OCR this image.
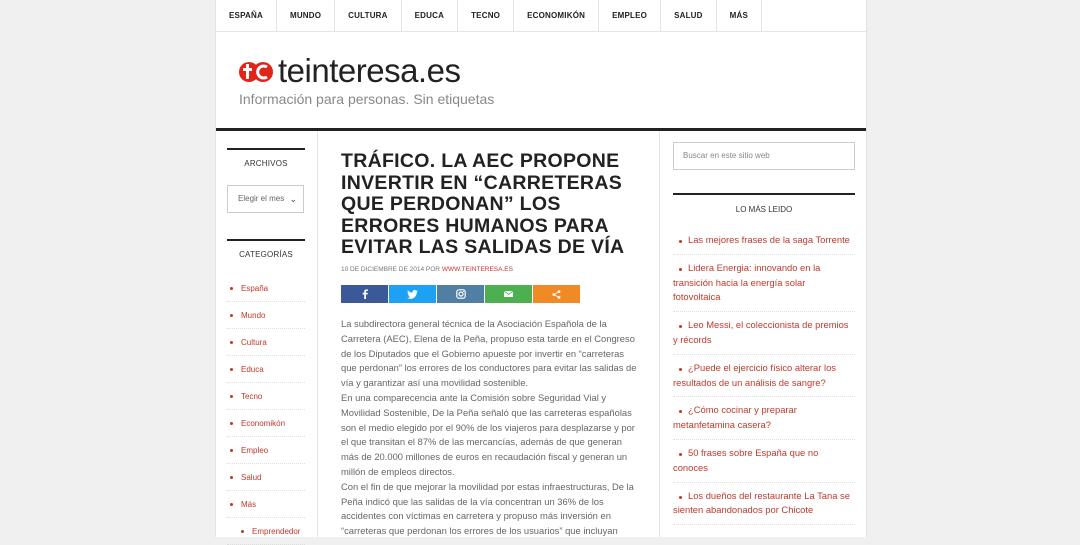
ESPAÑA	MUNDO	CULTURA	EDUCA	TECNO	ECONOMIKÓN	EMPLEO	SALUD	MÁS
teinteresa.es
Información para personas. Sin etiquetas
ARCHIVOS
Elegir el mes ⌄
CATEGORÍAS
España
Mundo
Cultura
Educa
Tecno
Economikón
Empleo
Salud
Más
Emprendedor
TRÁFICO. LA AEC PROPONE INVERTIR EN “CARRETERAS QUE PERDONAN” LOS ERRORES HUMANOS PARA EVITAR LAS SALIDAS DE VÍA
10 DE DICIEMBRE DE 2014 POR WWW.TEINTERESA.ES

La subdirectora general técnica de la Asociación Española de la Carretera (AEC), Elena de la Peña, propuso esta tarde en el Congreso de los Diputados que el Gobierno apueste por invertir en “carreteras que perdonan” los errores de los conductores para evitar las salidas de vía y garantizar así una movilidad sostenible.

En una comparecencia ante la Comisión sobre Seguridad Vial y Movilidad Sostenible, De la Peña señaló que las carreteras españolas son el medio elegido por el 90% de los viajeros para desplazarse y por el que transitan el 87% de las mercancías, además de que generan más de 20.000 millones de euros en recaudación fiscal y generan un millón de empleos directos.

Con el fin de que mejorar la movilidad por estas infraestructuras, De la Peña indicó que las salidas de la vía concentran un 36% de los accidentes con víctimas en carretera y propuso más inversión en “carreteras que perdonan los errores de los usuarios” que incluyan

Buscar en este sitio web
LO MÁS LEIDO
Las mejores frases de la saga Torrente
Lidera Energia: innovando en la transición hacia la energía solar fotovoltaica
Leo Messi, el coleccionista de premios y récords
¿Puede el ejercicio físico alterar los resultados de un análisis de sangre?
¿Cómo cocinar y preparar metanfetamina casera?
50 frases sobre España que no conoces
Los dueños del restaurante La Tana se sienten abandonados por Chicote
